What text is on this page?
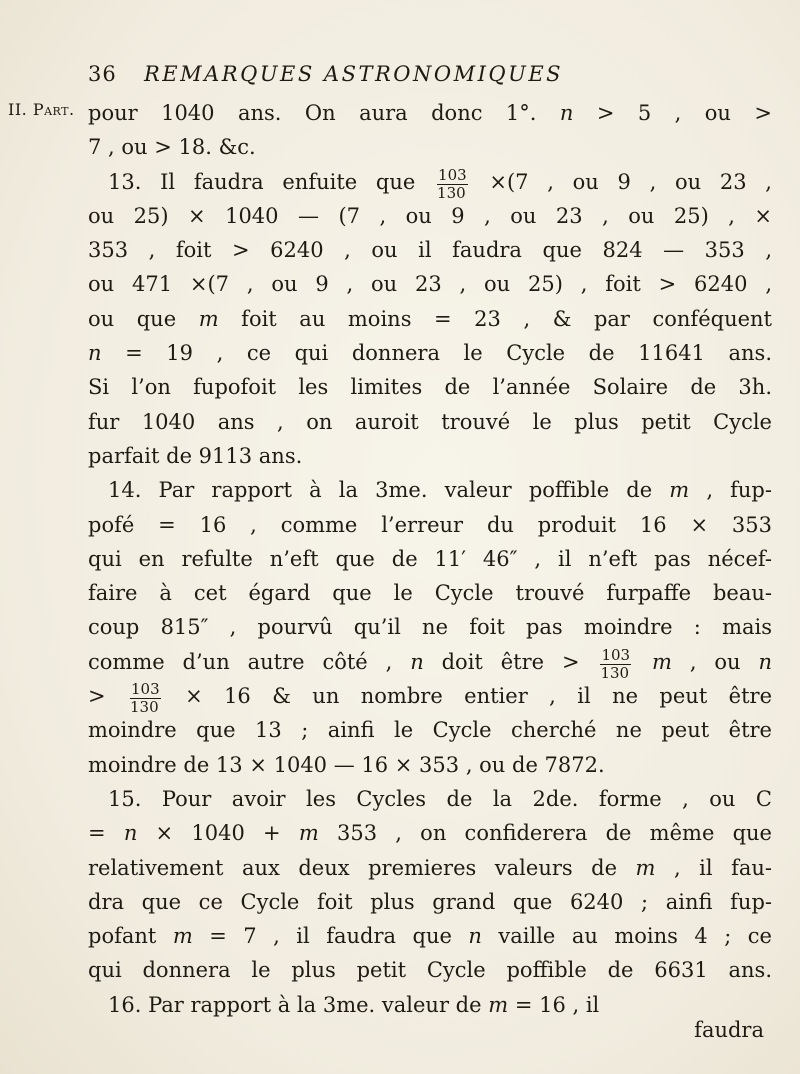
36 REMARQUES ASTRONOMIQUES
II. Part. pour 1040 ans. On aura donc 1°. n > 5 , ou >
7 , ou > 18. &c.
13. Il faudra enfuite que $\frac{103}{130} \times(7$ , ou 9 , ou 23 ,
ou 25) × 1040 — (7 , ou 9 , ou 23 , ou 25) , ×
353 , foit > 6240 , ou il faudra que 824 — 353 ,
ou 471 ×(7 , ou 9 , ou 23 , ou 25) , foit > 6240 ,
ou que m foit au moins = 23 , & par conféquent
n = 19 , ce qui donnera le Cycle de 11641 ans.
Si l’on fupofoit les limites de l’année Solaire de 3h.
fur 1040 ans , on auroit trouvé le plus petit Cycle
parfait de 9113 ans.
14. Par rapport à la 3me. valeur poffible de m , fup-
pofé = 16 , comme l’erreur du produit 16 × 353
qui en refulte n’eft que de 11′ 46″ , il n’eft pas nécef-
faire à cet égard que le Cycle trouvé furpaffe beau-
coup 815″ , pourvû qu’il ne foit pas moindre : mais
comme d’un autre côté , n doit être > $\frac{103}{130}$ m , ou n
> $\frac{103}{130} \times 16$ & un nombre entier , il ne peut être
moindre que 13 ; ainfi le Cycle cherché ne peut être
moindre de 13 × 1040 — 16 × 353 , ou de 7872.
15. Pour avoir les Cycles de la 2de. forme , ou C
= n × 1040 + m 353 , on confiderera de même que
relativement aux deux premieres valeurs de m , il fau-
dra que ce Cycle foit plus grand que 6240 ; ainfi fup-
pofant m = 7 , il faudra que n vaille au moins 4 ; ce
qui donnera le plus petit Cycle poffible de 6631 ans.
16. Par rapport à la 3me. valeur de m = 16 , il
faudra
